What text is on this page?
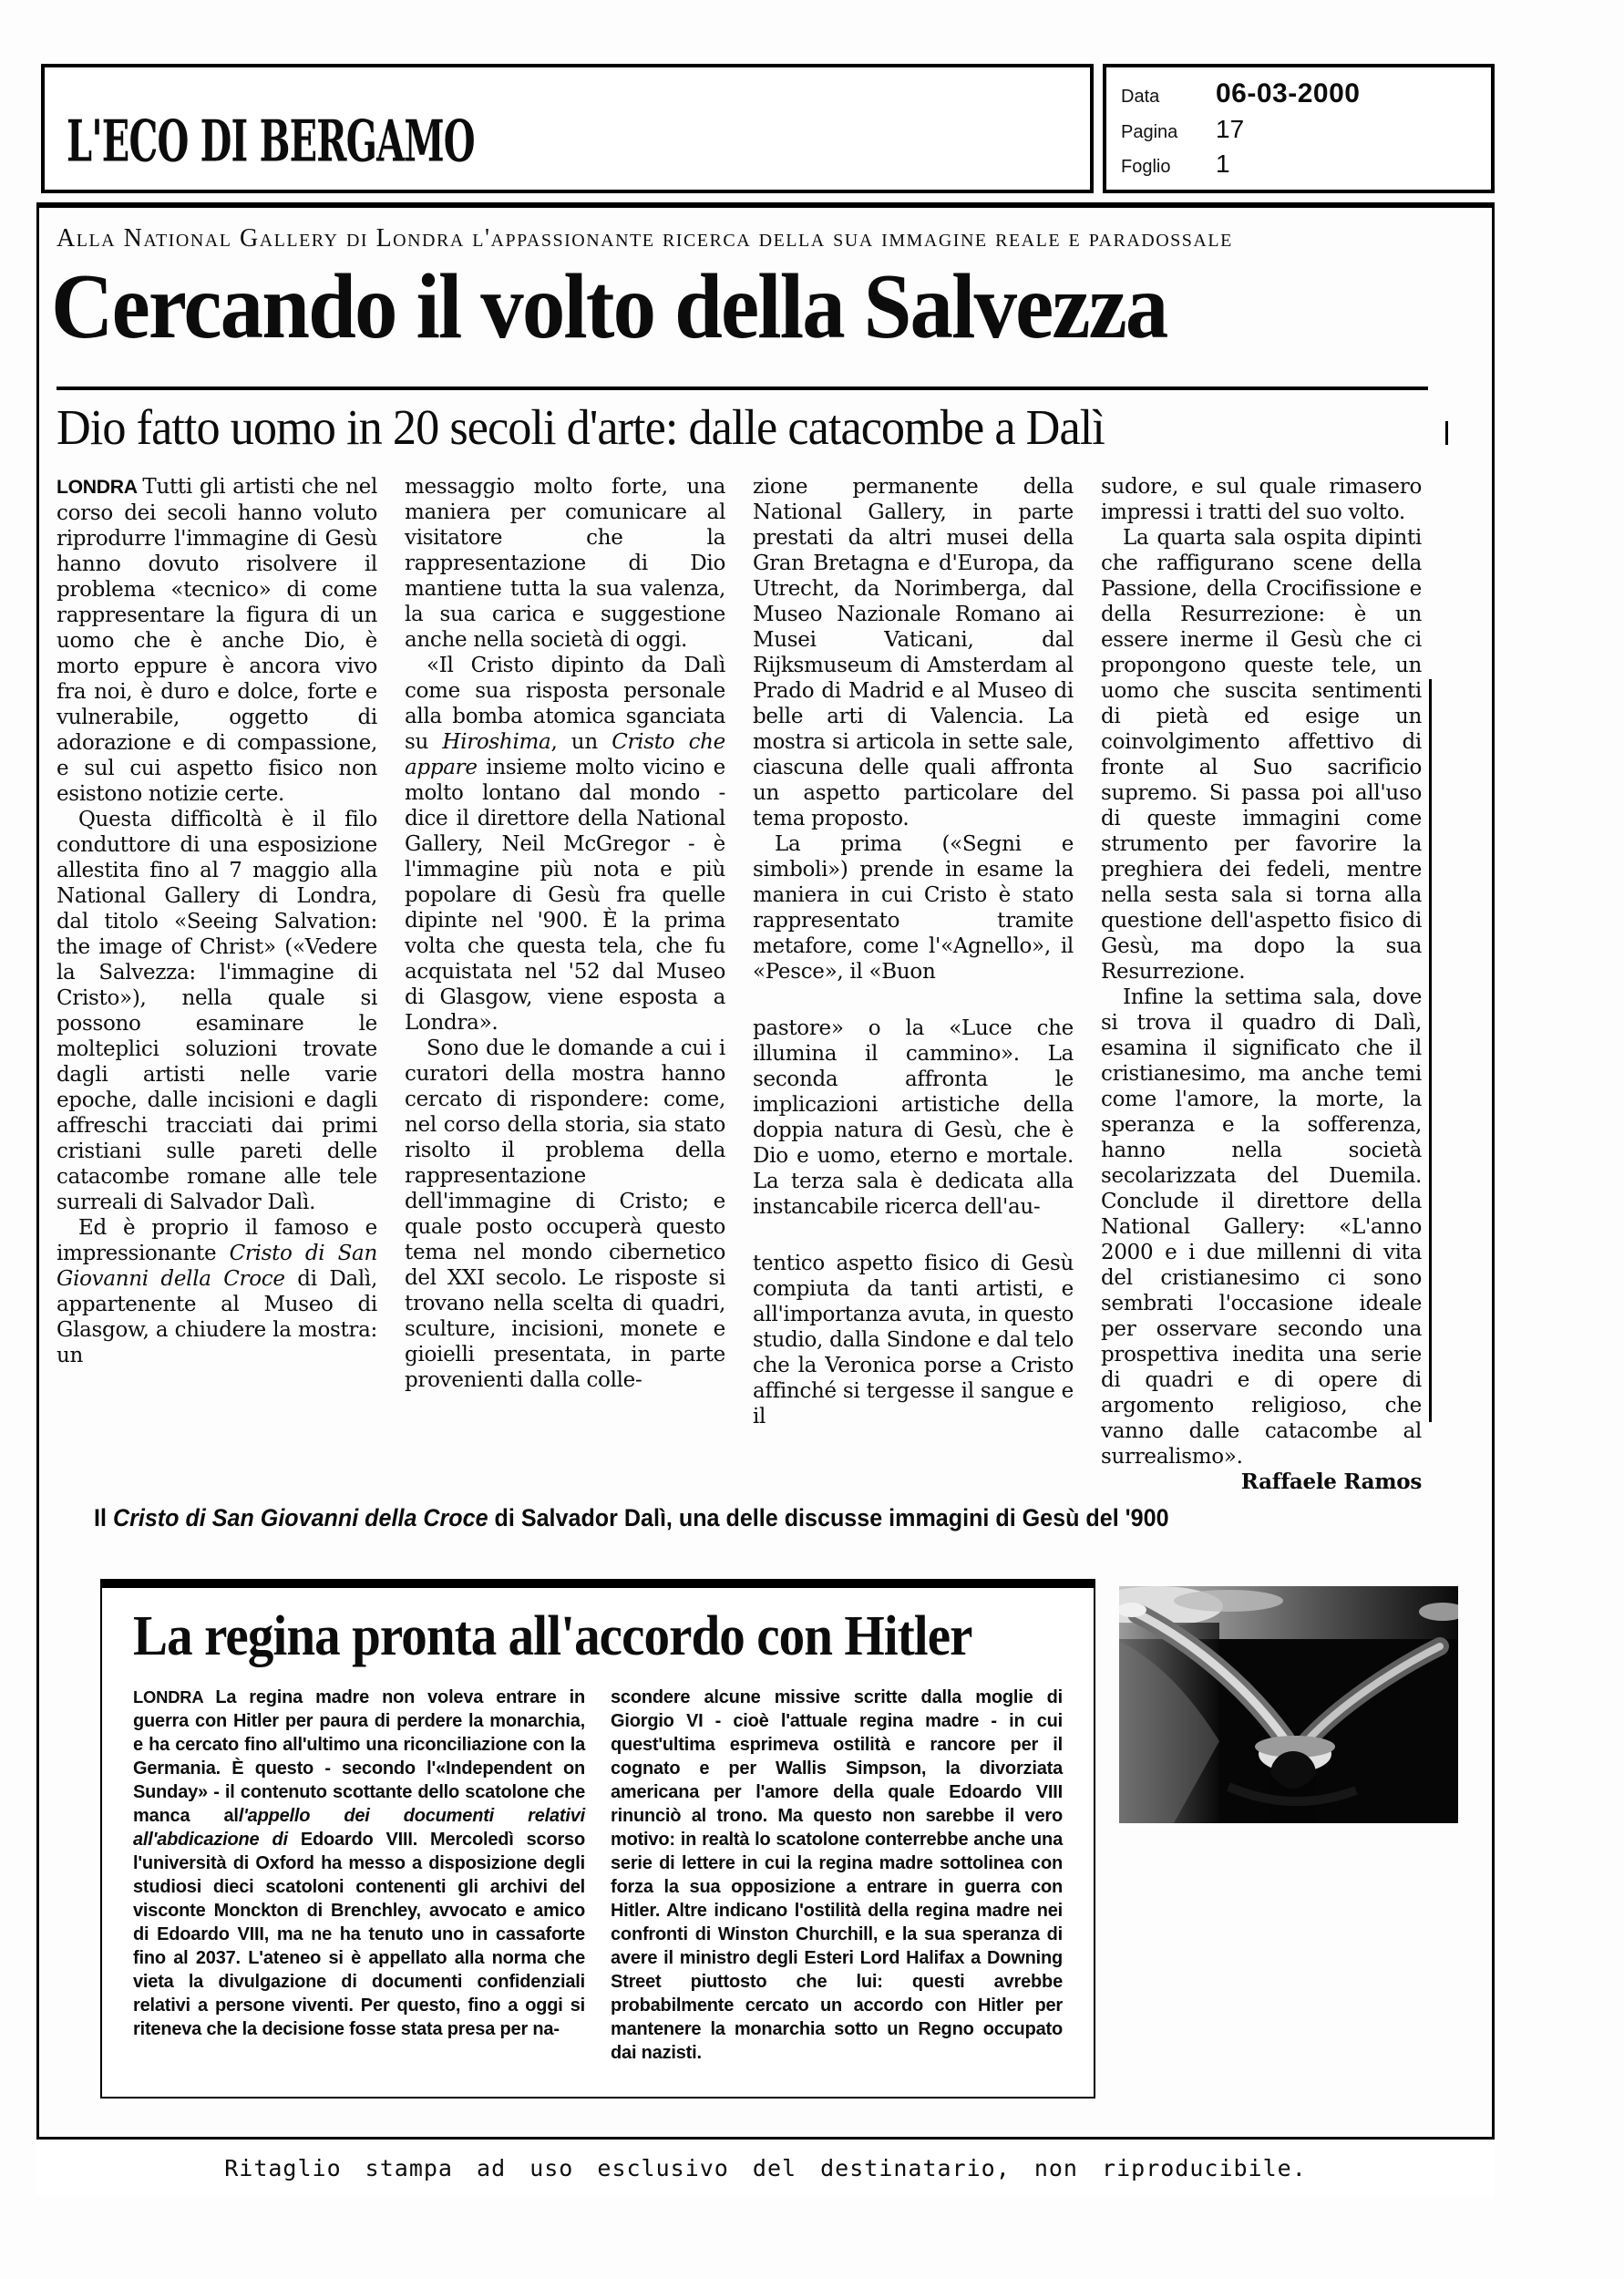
L'ECO DI BERGAMO
Data	06-03-2000
Pagina	17
Foglio	1
Alla National Gallery di Londra l'appassionante ricerca della sua immagine reale e paradossale
Cercando il volto della Salvezza
Dio fatto uomo in 20 secoli d'arte: dalle catacombe a Dalì

LONDRA Tutti gli artisti che nel corso dei secoli hanno voluto riprodurre l'immagine di Gesù hanno dovuto risolvere il problema «tecnico» di come rappresentare la figura di un uomo che è anche Dio, è morto eppure è ancora vivo fra noi, è duro e dolce, forte e vulnerabile, oggetto di adorazione e di compassione, e sul cui aspetto fisico non esistono notizie certe.

Questa difficoltà è il filo conduttore di una esposizione allestita fino al 7 maggio alla National Gallery di Londra, dal titolo «Seeing Salvation: the image of Christ» («Vedere la Salvezza: l'immagine di Cristo»), nella quale si possono esaminare le molteplici soluzioni trovate dagli artisti nelle varie epoche, dalle incisioni e dagli affreschi tracciati dai primi cristiani sulle pareti delle catacombe romane alle tele surreali di Salvador Dalì.

Ed è proprio il famoso e impressionante Cristo di San Giovanni della Croce di Dalì, appartenente al Museo di Glasgow, a chiudere la mostra: un

messaggio molto forte, una maniera per comunicare al visitatore che la rappresentazione di Dio mantiene tutta la sua valenza, la sua carica e suggestione anche nella società di oggi.

«Il Cristo dipinto da Dalì come sua risposta personale alla bomba atomica sganciata su Hiroshima, un Cristo che appare insieme molto vicino e molto lontano dal mondo - dice il direttore della National Gallery, Neil McGregor - è l'immagine più nota e più popolare di Gesù fra quelle dipinte nel '900. È la prima volta che questa tela, che fu acquistata nel '52 dal Museo di Glasgow, viene esposta a Londra».

Sono due le domande a cui i curatori della mostra hanno cercato di rispondere: come, nel corso della storia, sia stato risolto il problema della rappresentazione dell'immagine di Cristo; e quale posto occuperà questo tema nel mondo cibernetico del XXI secolo. Le risposte si trovano nella scelta di quadri, sculture, incisioni, monete e gioielli presentata, in parte provenienti dalla colle-

zione permanente della National Gallery, in parte prestati da altri musei della Gran Bretagna e d'Europa, da Utrecht, da Norimberga, dal Museo Nazionale Romano ai Musei Vaticani, dal Rijksmuseum di Amsterdam al Prado di Madrid e al Museo di belle arti di Valencia. La mostra si articola in sette sale, ciascuna delle quali affronta un aspetto particolare del tema proposto.

La prima («Segni e simboli») prende in esame la maniera in cui Cristo è stato rappresentato tramite metafore, come l'«Agnello», il «Pesce», il «Buon

pastore» o la «Luce che illumina il cammino». La seconda affronta le implicazioni artistiche della doppia natura di Gesù, che è Dio e uomo, eterno e mortale. La terza sala è dedicata alla instancabile ricerca dell'au-

tentico aspetto fisico di Gesù compiuta da tanti artisti, e all'importanza avuta, in questo studio, dalla Sindone e dal telo che la Veronica porse a Cristo affinché si tergesse il sangue e il

sudore, e sul quale rimasero impressi i tratti del suo volto.

La quarta sala ospita dipinti che raffigurano scene della Passione, della Crocifissione e della Resurrezione: è un essere inerme il Gesù che ci propongono queste tele, un uomo che suscita sentimenti di pietà ed esige un coinvolgimento affettivo di fronte al Suo sacrificio supremo. Si passa poi all'uso di queste immagini come strumento per favorire la preghiera dei fedeli, mentre nella sesta sala si torna alla questione dell'aspetto fisico di Gesù, ma dopo la sua Resurrezione.

Infine la settima sala, dove si trova il quadro di Dalì, esamina il significato che il cristianesimo, ma anche temi come l'amore, la morte, la speranza e la sofferenza, hanno nella società secolarizzata del Duemila. Conclude il direttore della National Gallery: «L'anno 2000 e i due millenni di vita del cristianesimo ci sono sembrati l'occasione ideale per osservare secondo una prospettiva inedita una serie di quadri e di opere di argomento religioso, che vanno dalle catacombe al surrealismo».

Raffaele Ramos

Il Cristo di San Giovanni della Croce di Salvador Dalì, una delle discusse immagini di Gesù del '900

La regina pronta all'accordo con Hitler

LONDRA La regina madre non voleva entrare in guerra con Hitler per paura di perdere la monarchia, e ha cercato fino all'ultimo una riconciliazione con la Germania. È questo - secondo l'«Independent on Sunday» - il contenuto scottante dello scatolone che manca all'appello dei documenti relativi all'abdicazione di Edoardo VIII. Mercoledì scorso l'università di Oxford ha messo a disposizione degli studiosi dieci scatoloni contenenti gli archivi del visconte Monckton di Brenchley, avvocato e amico di Edoardo VIII, ma ne ha tenuto uno in cassaforte fino al 2037. L'ateneo si è appellato alla norma che vieta la divulgazione di documenti confidenziali relativi a persone viventi. Per questo, fino a oggi si riteneva che la decisione fosse stata presa per na-

scondere alcune missive scritte dalla moglie di Giorgio VI - cioè l'attuale regina madre - in cui quest'ultima esprimeva ostilità e rancore per il cognato e per Wallis Simpson, la divorziata americana per l'amore della quale Edoardo VIII rinunciò al trono. Ma questo non sarebbe il vero motivo: in realtà lo scatolone conterrebbe anche una serie di lettere in cui la regina madre sottolinea con forza la sua opposizione a entrare in guerra con Hitler. Altre indicano l'ostilità della regina madre nei confronti di Winston Churchill, e la sua speranza di avere il ministro degli Esteri Lord Halifax a Downing Street piuttosto che lui: questi avrebbe probabilmente cercato un accordo con Hitler per mantenere la monarchia sotto un Regno occupato dai nazisti.

Ritaglio stampa ad uso esclusivo del destinatario, non riproducibile.
